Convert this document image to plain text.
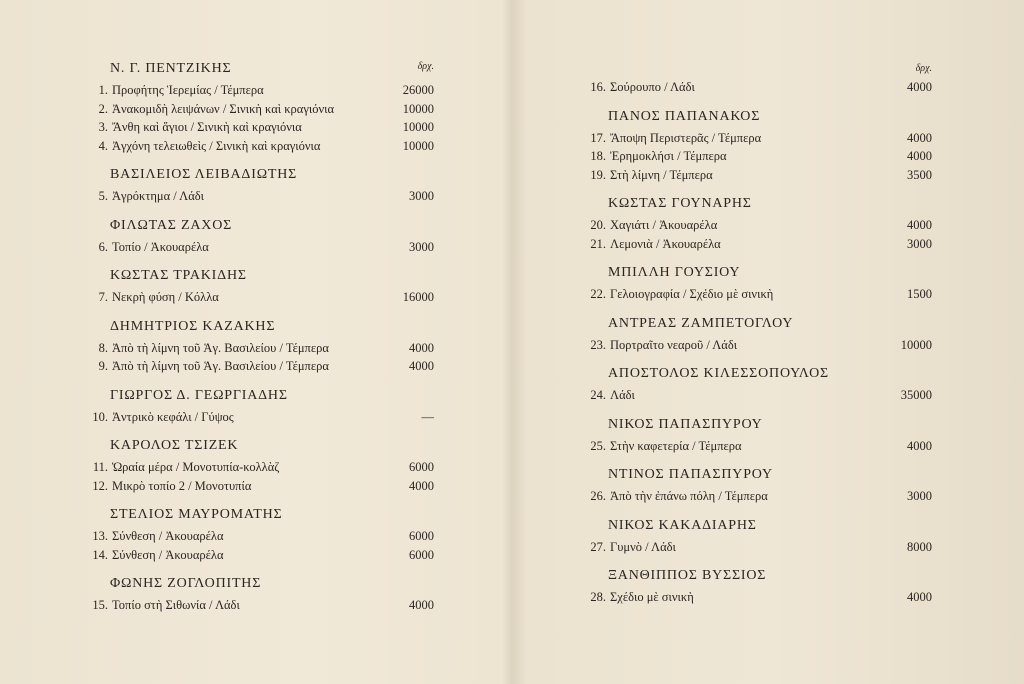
δρχ.
Ν. Γ. ΠΕΝΤΖΙΚΗΣ
1. Προφήτης Ἱερεμίας / Τέμπερα	26000
2. Ἀνακομιδὴ λειψάνων / Σινικὴ καὶ κραγιόνια	10000
3. Ἄνθη καὶ ἅγιοι / Σινικὴ καὶ κραγιόνια	10000
4. Ἀγχόνη τελειωθεὶς / Σινικὴ καὶ κραγιόνια	10000
ΒΑΣΙΛΕΙΟΣ ΛΕΙΒΑΔΙΩΤΗΣ
5. Ἀγρόκτημα / Λάδι	3000
ΦΙΛΩΤΑΣ ΖΑΧΟΣ
6. Τοπίο / Ἀκουαρέλα	3000
ΚΩΣΤΑΣ ΤΡΑΚΙΔΗΣ
7. Νεκρὴ φύση / Κόλλα	16000
ΔΗΜΗΤΡΙΟΣ ΚΑΖΑΚΗΣ
8. Ἀπὸ τὴ λίμνη τοῦ Ἁγ. Βασιλείου / Τέμπερα	4000
9. Ἀπὸ τὴ λίμνη τοῦ Ἁγ. Βασιλείου / Τέμπερα	4000
ΓΙΩΡΓΟΣ Δ. ΓΕΩΡΓΙΑΔΗΣ
10. Ἀντρικὸ κεφάλι / Γύψος	—
ΚΑΡΟΛΟΣ ΤΣΙΖΕΚ
11. Ὡραία μέρα / Μονοτυπία-κολλὰζ	6000
12. Μικρὸ τοπίο 2 / Μονοτυπία	4000
ΣΤΕΛΙΟΣ ΜΑΥΡΟΜΑΤΗΣ
13. Σύνθεση / Ἀκουαρέλα	6000
14. Σύνθεση / Ἀκουαρέλα	6000
ΦΩΝΗΣ ΖΟΓΛΟΠΙΤΗΣ
15. Τοπίο στὴ Σιθωνία / Λάδι	4000
δρχ.
16. Σούρουπο / Λάδι	4000
ΠΑΝΟΣ ΠΑΠΑΝΑΚΟΣ
17. Ἄποψη Περιστερᾶς / Τέμπερα	4000
18. Ἐρημοκλήσι / Τέμπερα	4000
19. Στὴ λίμνη / Τέμπερα	3500
ΚΩΣΤΑΣ ΓΟΥΝΑΡΗΣ
20. Χαγιάτι / Ἀκουαρέλα	4000
21. Λεμονιὰ / Ἀκουαρέλα	3000
ΜΠΙΛΛΗ ΓΟΥΣΙΟΥ
22. Γελοιογραφία / Σχέδιο μὲ σινικὴ	1500
ΑΝΤΡΕΑΣ ΖΑΜΠΕΤΟΓΛΟΥ
23. Πορτραῖτο νεαροῦ / Λάδι	10000
ΑΠΟΣΤΟΛΟΣ ΚΙΛΕΣΣΟΠΟΥΛΟΣ
24. Λάδι	35000
ΝΙΚΟΣ ΠΑΠΑΣΠΥΡΟΥ
25. Στὴν καφετερία / Τέμπερα	4000
ΝΤΙΝΟΣ ΠΑΠΑΣΠΥΡΟΥ
26. Ἀπὸ τὴν ἐπάνω πόλη / Τέμπερα	3000
ΝΙΚΟΣ ΚΑΚΑΔΙΑΡΗΣ
27. Γυμνὸ / Λάδι	8000
ΞΑΝΘΙΠΠΟΣ ΒΥΣΣΙΟΣ
28. Σχέδιο μὲ σινικὴ	4000
